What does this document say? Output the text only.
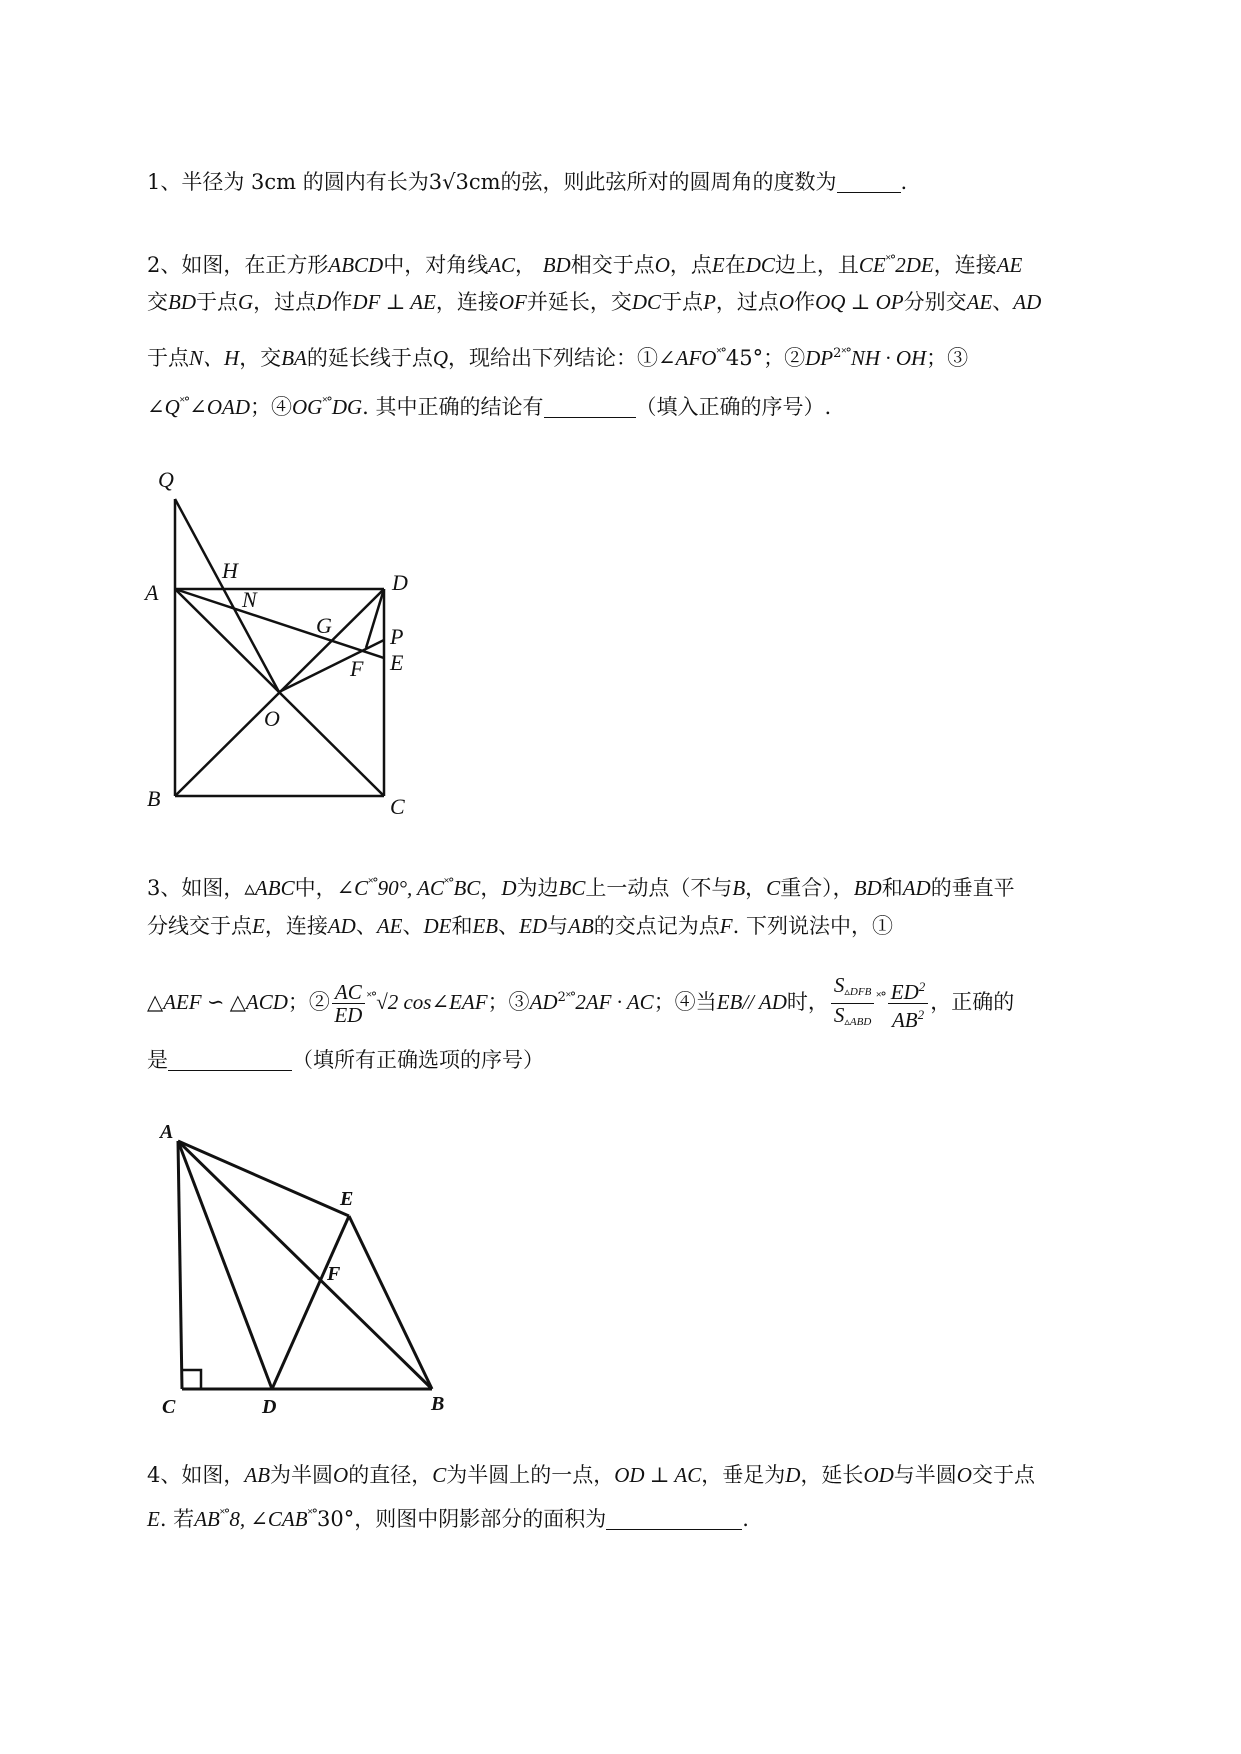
1、半径为 3cm 的圆内有长为3√3cm的弦，则此弦所对的圆周角的度数为	.
2、如图，在正方形ABCD中，对角线AC， BD相交于点O，点E在DC边上，且CE˟°2DE，连接AE
交BD于点G，过点D作DF ⊥ AE，连接OF并延长，交DC于点P，过点O作OQ ⊥ OP分别交AE、AD
于点N、H，交BA的延长线于点Q，现给出下列结论：①∠AFO˟°45°；$②DP^{2˟^\circ}NH$ · OH；③
∠Q˟°∠OAD；④OG˟°DG. 其中正确的结论有	（填入正确的序号）.
Q
A
H
N
D
G	P
F E
O
B	C
3、如图，▵ABC中，∠C˟°90°, AC˟°BC，D为边BC上一动点（不与B，C重合），BD和AD的垂直平
分线交于点E，连接AD、AE、DE和EB、ED与AB的交点记为点F. 下列说法中，①
△AEF ∽ △ACD；② $\frac{AC}{ED} ^{˟^\circ}√2$ cos∠EAF；$③AD^{2˟^\circ}2AF$ · AC；④当EB// AD时， $\frac{S_{▵DFB}}{S_{▵ABD}} ^{˟^\circ} \frac{ED^2}{AB^2}$ ，正确的
是	（填所有正确选项的序号）
A
E
F
C	D	B
4、如图，AB为半圆O的直径，C为半圆上的一点，OD ⊥ AC，垂足为D，延长OD与半圆O交于点
E. 若AB˟°8, ∠CAB˟°30°，则图中阴影部分的面积为	.
